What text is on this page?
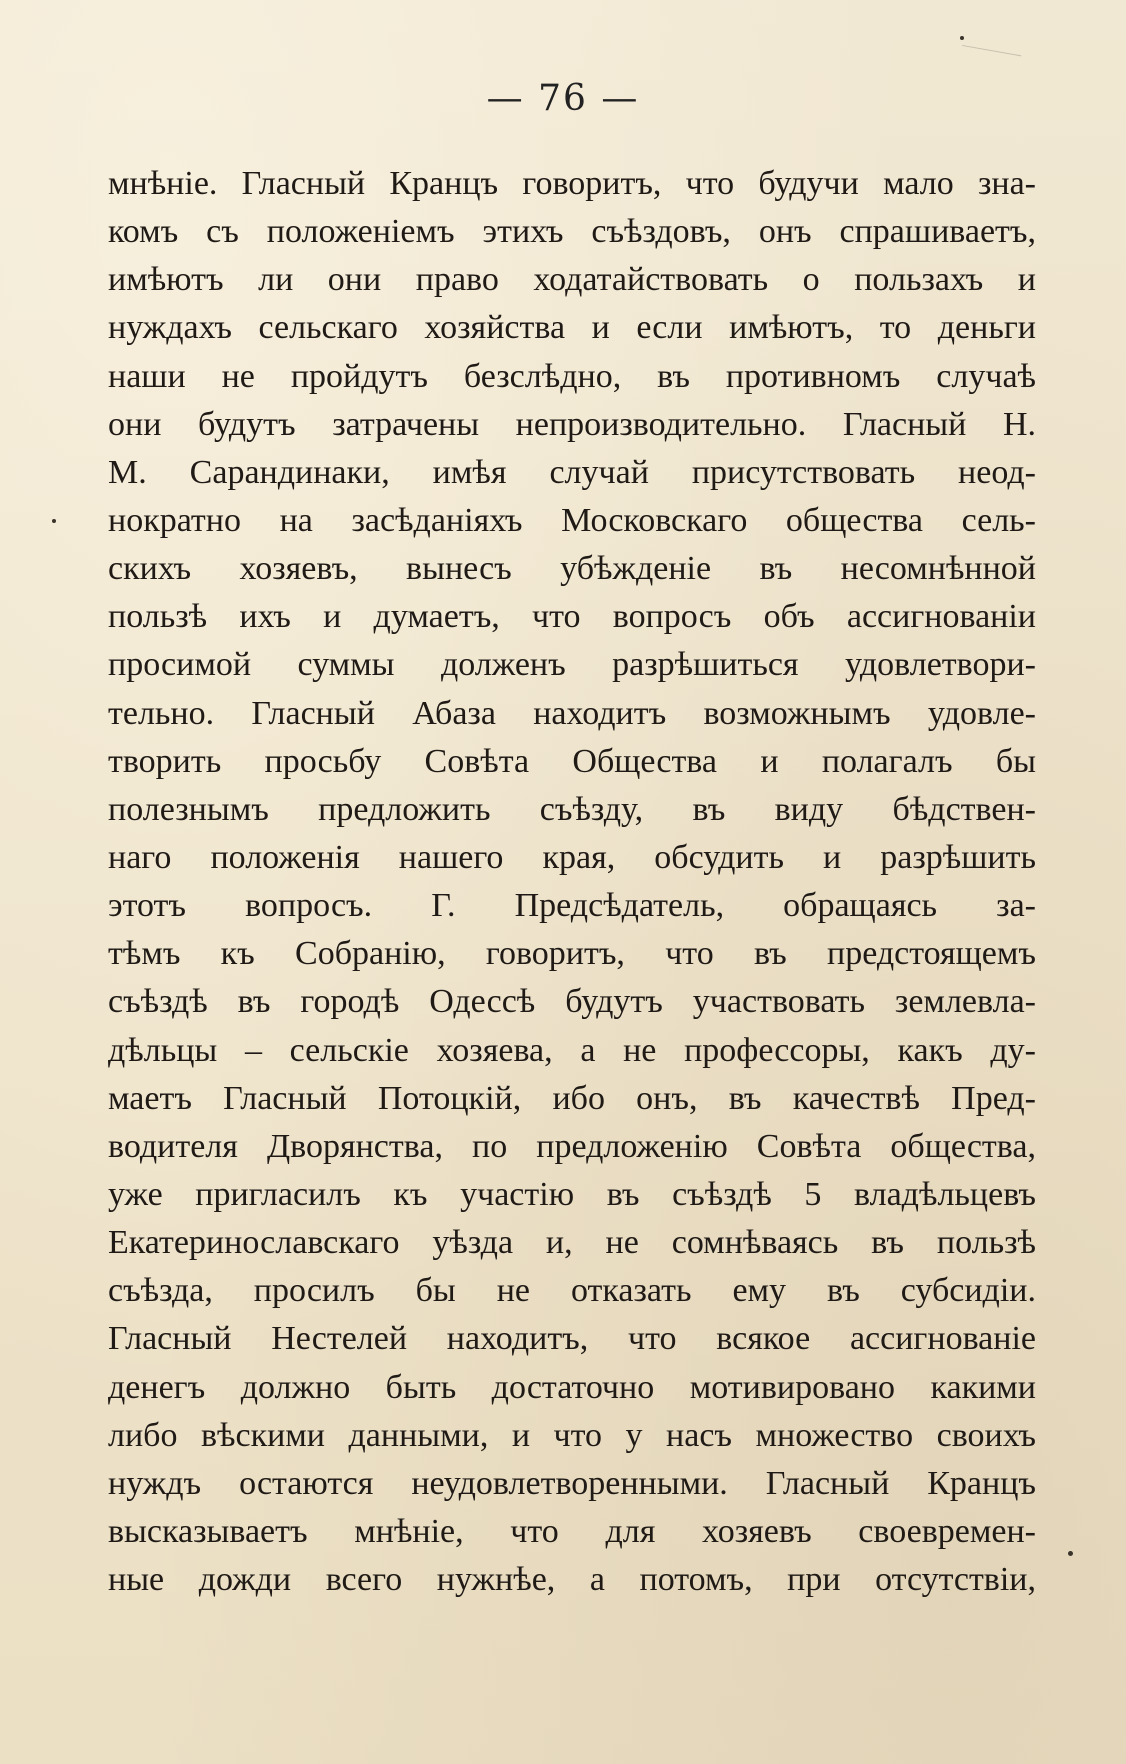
— 76 —
мнѣніе. Гласный Кранцъ говоритъ, что будучи мало зна-
комъ съ положеніемъ этихъ съѣздовъ, онъ спрашиваетъ,
имѣютъ ли они право ходатайствовать о пользахъ и
нуждахъ сельскаго хозяйства и если имѣютъ, то деньги
наши не пройдутъ безслѣдно, въ противномъ случаѣ
они будутъ затрачены непроизводительно. Гласный Н.
М. Сарандинаки, имѣя случай присутствовать неод-
нократно на засѣданіяхъ Московскаго общества сель-
скихъ хозяевъ, вынесъ убѣжденіе въ несомнѣнной
пользѣ ихъ и думаетъ, что вопросъ объ ассигнованіи
просимой суммы долженъ разрѣшиться удовлетвори-
тельно. Гласный Абаза находитъ возможнымъ удовле-
творить просьбу Совѣта Общества и полагалъ бы
полезнымъ предложить съѣзду, въ виду бѣдствен-
наго положенія нашего края, обсудить и разрѣшить
этотъ вопросъ. Г. Предсѣдатель, обращаясь за-
тѣмъ къ Собранію, говоритъ, что въ предстоящемъ
съѣздѣ въ городѣ Одессѣ будутъ участвовать землевла-
дѣльцы – сельскіе хозяева, а не профессоры, какъ ду-
маетъ Гласный Потоцкій, ибо онъ, въ качествѣ Пред-
водителя Дворянства, по предложенію Совѣта общества,
уже пригласилъ къ участію въ съѣздѣ 5 владѣльцевъ
Екатеринославскаго уѣзда и, не сомнѣваясь въ пользѣ
съѣзда, просилъ бы не отказать ему въ субсидіи.
Гласный Нестелей находитъ, что всякое ассигнованіе
денегъ должно быть достаточно мотивировано какими
либо вѣскими данными, и что у насъ множество своихъ
нуждъ остаются неудовлетворенными. Гласный Кранцъ
высказываетъ мнѣніе, что для хозяевъ своевремен-
ные дожди всего нужнѣе, а потомъ, при отсутствіи,
